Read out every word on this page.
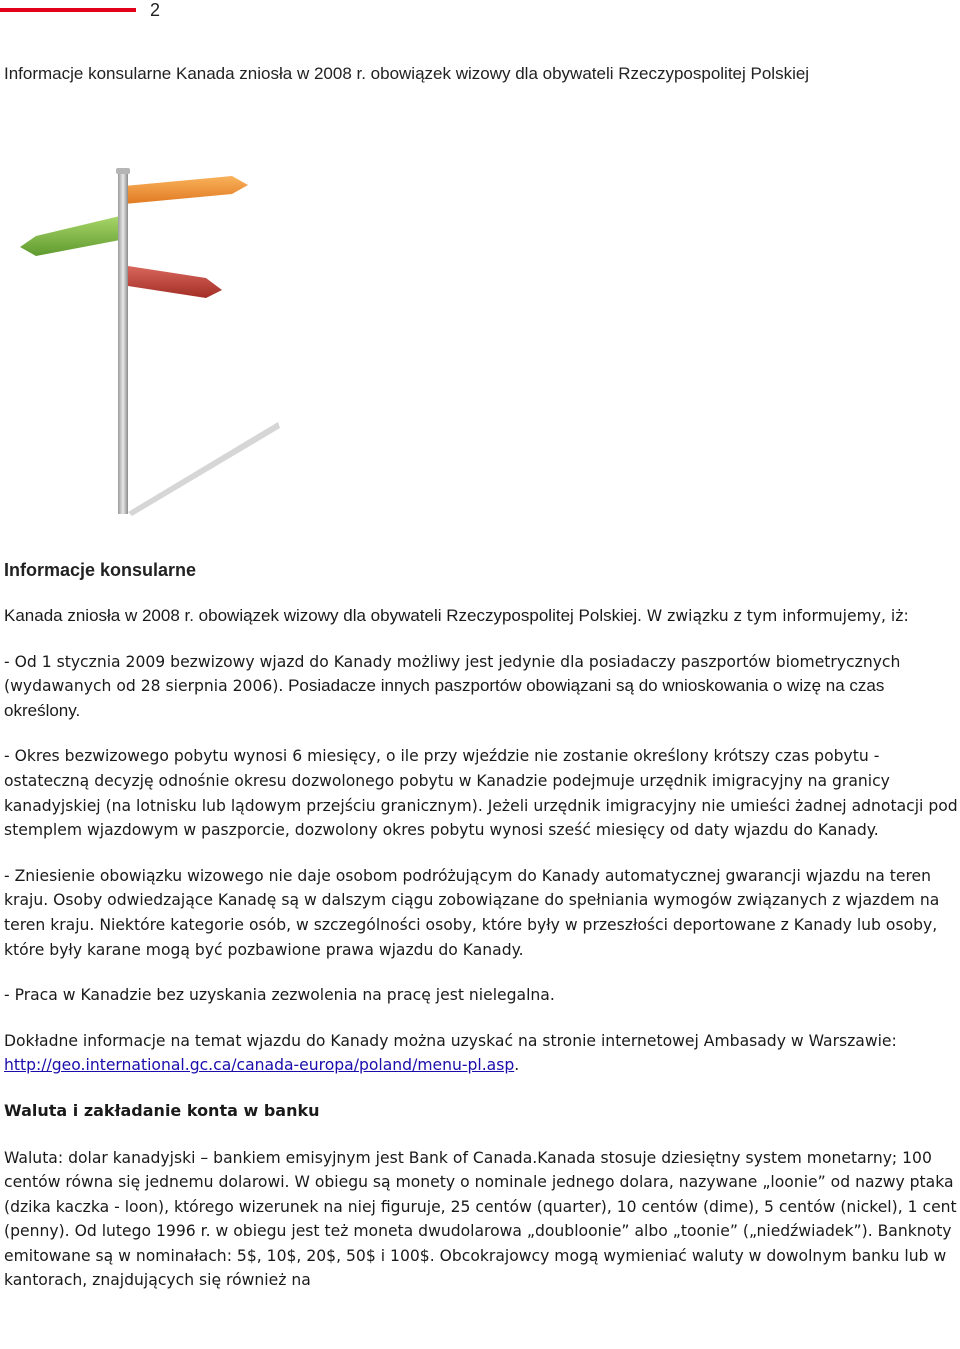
2
Informacje konsularne Kanada zniosła w 2008 r. obowiązek wizowy dla obywateli Rzeczypospolitej Polskiej
Informacje konsularne

Kanada zniosła w 2008 r. obowiązek wizowy dla obywateli Rzeczypospolitej Polskiej. W związku z tym informujemy, iż:

- Od 1 stycznia 2009 bezwizowy wjazd do Kanady możliwy jest jedynie dla posiadaczy paszportów biometrycznych (wydawanych od 28 sierpnia 2006). Posiadacze innych paszportów obowiązani są do wnioskowania o wizę na czas określony.

- Okres bezwizowego pobytu wynosi 6 miesięcy, o ile przy wjeździe nie zostanie określony krótszy czas pobytu - ostateczną decyzję odnośnie okresu dozwolonego pobytu w Kanadzie podejmuje urzędnik imigracyjny na granicy kanadyjskiej (na lotnisku lub lądowym przejściu granicznym). Jeżeli urzędnik imigracyjny nie umieści żadnej adnotacji pod stemplem wjazdowym w paszporcie, dozwolony okres pobytu wynosi sześć miesięcy od daty wjazdu do Kanady.

- Zniesienie obowiązku wizowego nie daje osobom podróżującym do Kanady automatycznej gwarancji wjazdu na teren kraju. Osoby odwiedzające Kanadę są w dalszym ciągu zobowiązane do spełniania wymogów związanych z wjazdem na teren kraju. Niektóre kategorie osób, w szczególności osoby, które były w przeszłości deportowane z Kanady lub osoby, które były karane mogą być pozbawione prawa wjazdu do Kanady.

- Praca w Kanadzie bez uzyskania zezwolenia na pracę jest nielegalna.

Dokładne informacje na temat wjazdu do Kanady można uzyskać na stronie internetowej Ambasady w Warszawie: http://geo.international.gc.ca/canada-europa/poland/menu-pl.asp.

Waluta i zakładanie konta w banku

Waluta: dolar kanadyjski – bankiem emisyjnym jest Bank of Canada.Kanada stosuje dziesiętny system monetarny; 100 centów równa się jednemu dolarowi. W obiegu są monety o nominale jednego dolara, nazywane „loonie” od nazwy ptaka (dzika kaczka - loon), którego wizerunek na niej figuruje, 25 centów (quarter), 10 centów (dime), 5 centów (nickel), 1 cent (penny). Od lutego 1996 r. w obiegu jest też moneta dwudolarowa „doubloonie” albo „toonie” („niedźwiadek”). Banknoty emitowane są w nominałach: 5$, 10$, 20$, 50$ i 100$. Obcokrajowcy mogą wymieniać waluty w dowolnym banku lub w kantorach, znajdujących się również na
